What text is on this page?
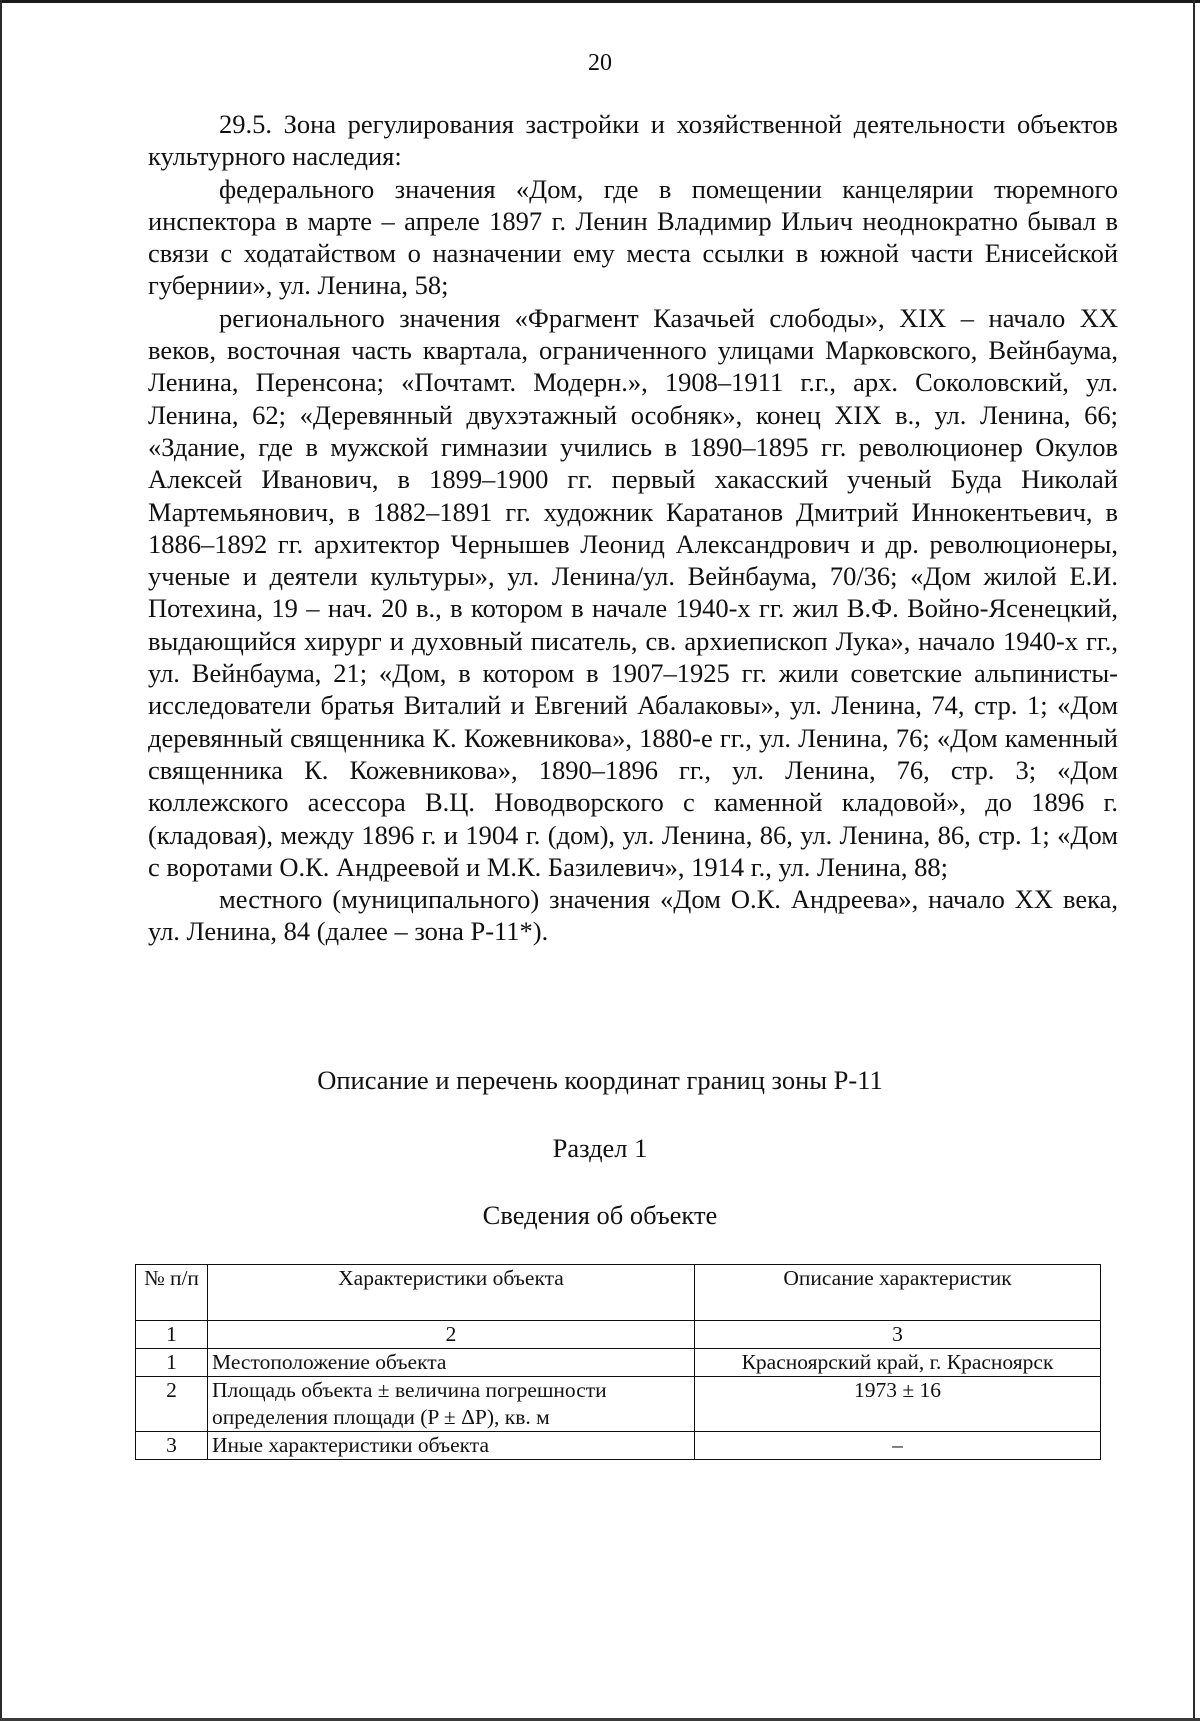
20

29.5. Зона регулирования застройки и хозяйственной деятельности объектов культурного наследия:

федерального значения «Дом, где в помещении канцелярии тюремного инспектора в марте – апреле 1897 г. Ленин Владимир Ильич неоднократно бывал в связи с ходатайством о назначении ему места ссылки в южной части Енисейской губернии», ул. Ленина, 58;

регионального значения «Фрагмент Казачьей слободы», XIX – начало XX веков, восточная часть квартала, ограниченного улицами Марковского, Вейнбаума, Ленина, Перенсона; «Почтамт. Модерн.», 1908–1911 г.г., арх. Соколовский, ул. Ленина, 62; «Деревянный двухэтажный особняк», конец XIX в., ул. Ленина, 66; «Здание, где в мужской гимназии учились в 1890–1895 гг. революционер Окулов Алексей Иванович, в 1899–1900 гг. первый хакасский ученый Буда Николай Мартемьянович, в 1882–1891 гг. художник Каратанов Дмитрий Иннокентьевич, в 1886–1892 гг. архитектор Чернышев Леонид Александрович и др. революционеры, ученые и деятели культуры», ул. Ленина/ул. Вейнбаума, 70/36; «Дом жилой Е.И. Потехина, 19 – нач. 20 в., в котором в начале 1940-х гг. жил В.Ф. Войно-Ясенецкий, выдающийся хирург и духовный писатель, св. архиепископ Лука», начало 1940-х гг., ул. Вейнбаума, 21; «Дом, в котором в 1907–1925 гг. жили советские альпинисты-исследователи братья Виталий и Евгений Абалаковы», ул. Ленина, 74, стр. 1; «Дом деревянный священника К. Кожевникова», 1880-е гг., ул. Ленина, 76; «Дом каменный священника К. Кожевникова», 1890–1896 гг., ул. Ленина, 76, стр. 3; «Дом коллежского асессора В.Ц. Новодворского с каменной кладовой», до 1896 г. (кладовая), между 1896 г. и 1904 г. (дом), ул. Ленина, 86, ул. Ленина, 86, стр. 1; «Дом с воротами О.К. Андреевой и М.К. Базилевич», 1914 г., ул. Ленина, 88;

местного (муниципального) значения «Дом О.К. Андреева», начало XX века, ул. Ленина, 84 (далее – зона Р-11*).

Описание и перечень координат границ зоны Р-11
Раздел 1
Сведения об объекте
№ п/п	Характеристики объекта	Описание характеристик
1	2	3
1	Местоположение объекта	Красноярский край, г. Красноярск
2	Площадь объекта ± величина погрешности определения площади (P ± ΔP), кв. м	1973 ± 16
3	Иные характеристики объекта	–
